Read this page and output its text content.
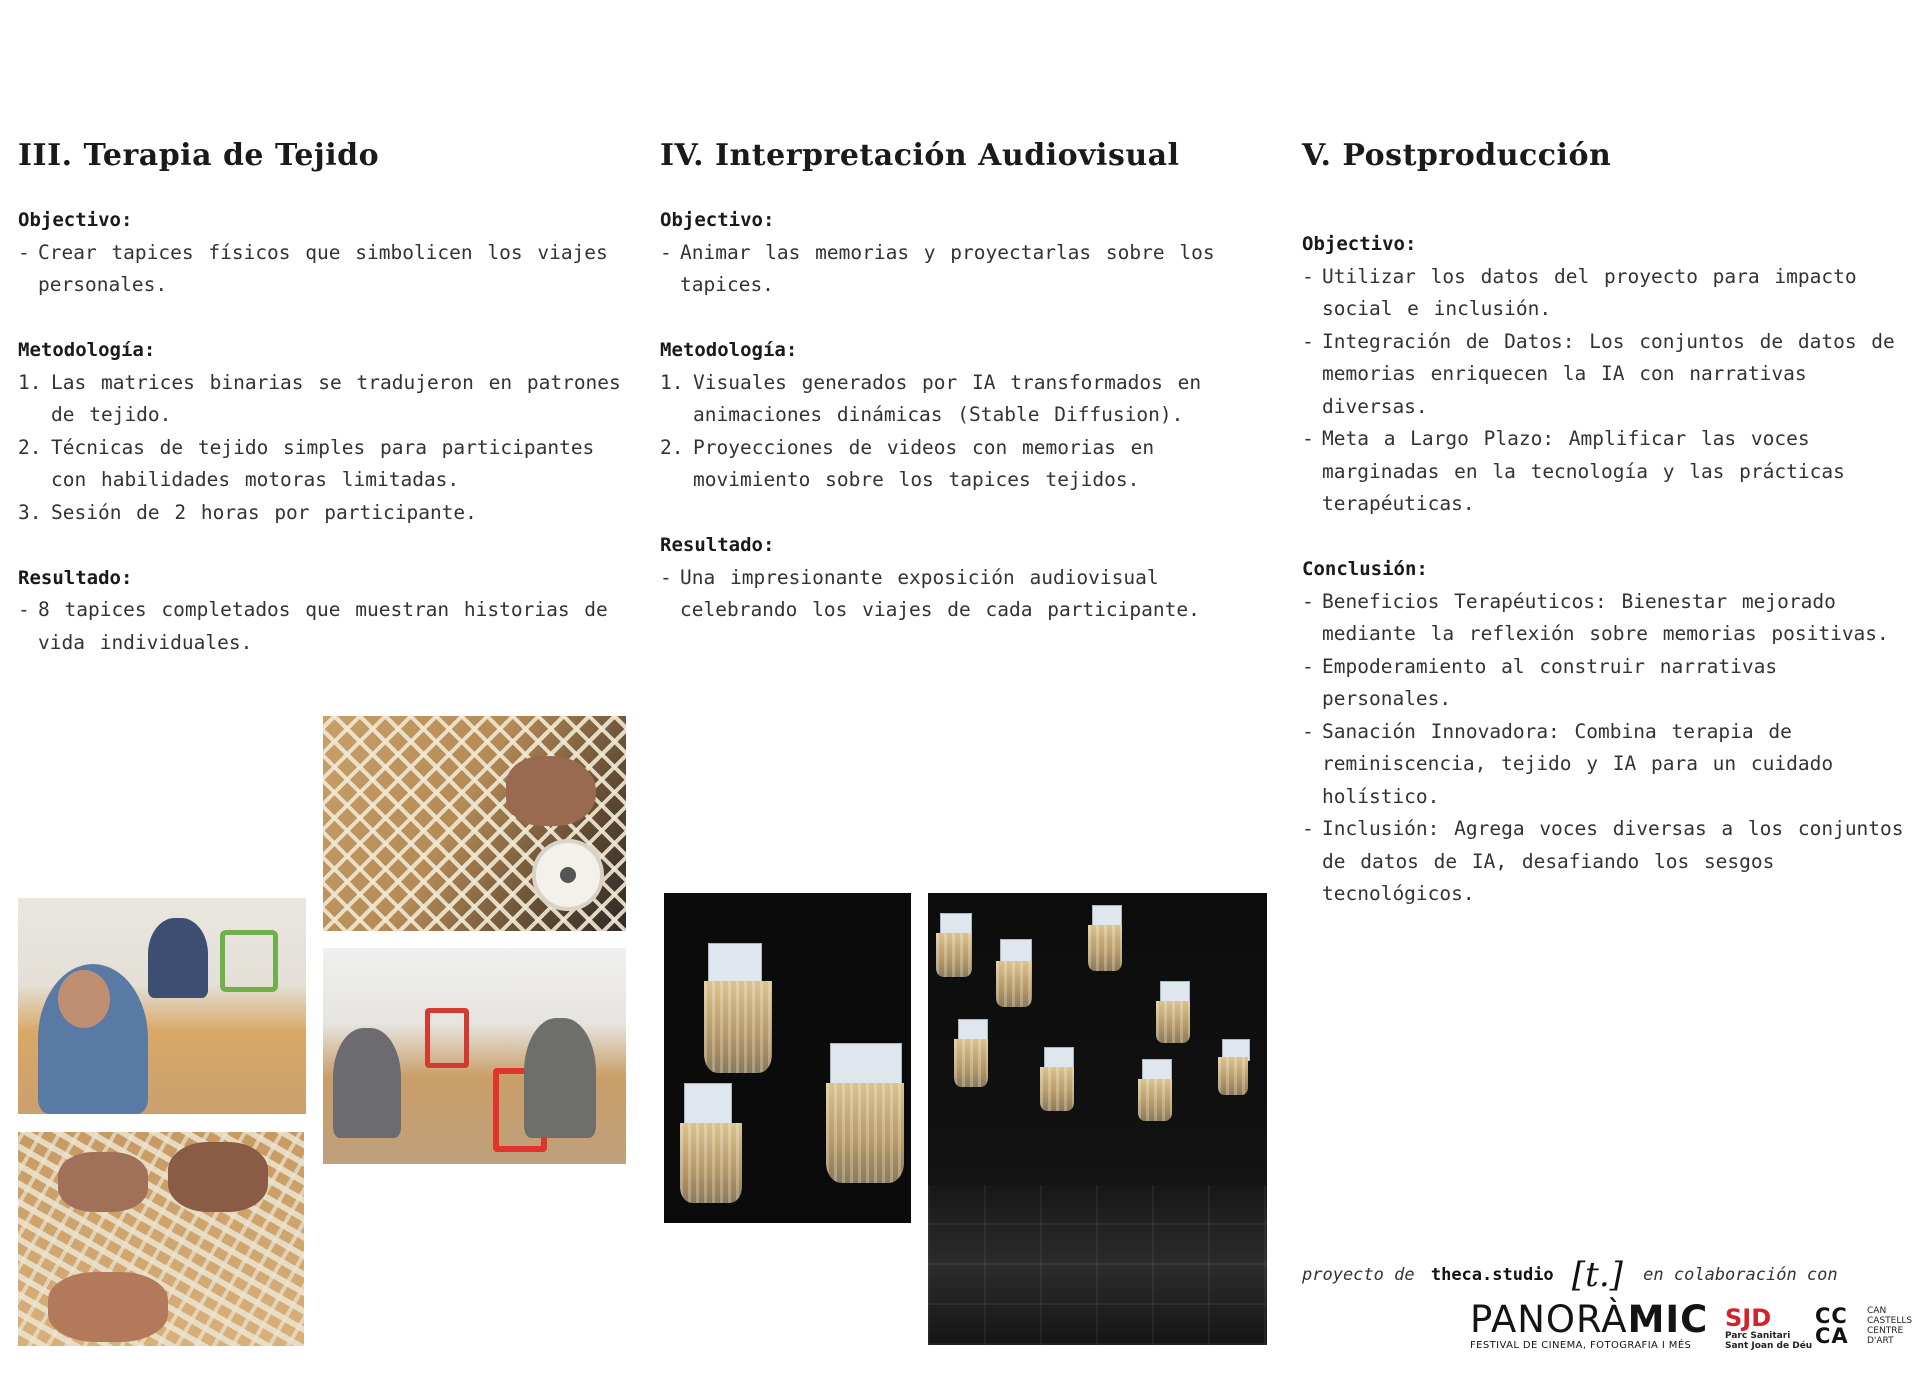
III. Terapia de Tejido
Objectivo:
- Crear tapices físicos que simbolicen los viajes personales.
Metodología:
1. Las matrices binarias se tradujeron en patrones de tejido.
2. Técnicas de tejido simples para participantes con habilidades motoras limitadas.
3. Sesión de 2 horas por participante.
Resultado:
- 8 tapices completados que muestran historias de vida individuales.
IV. Interpretación Audiovisual
Objectivo:
- Animar las memorias y proyectarlas sobre los tapices.
Metodología:
1. Visuales generados por IA transformados en animaciones dinámicas (Stable Diffusion).
2. Proyecciones de videos con memorias en movimiento sobre los tapices tejidos.
Resultado:
- Una impresionante exposición audiovisual celebrando los viajes de cada participante.
V. Postproducción
Objectivo:
- Utilizar los datos del proyecto para impacto social e inclusión.
- Integración de Datos: Los conjuntos de datos de memorias enriquecen la IA con narrativas diversas.
- Meta a Largo Plazo: Amplificar las voces marginadas en la tecnología y las prácticas terapéuticas.
Conclusión:
- Beneficios Terapéuticos: Bienestar mejorado mediante la reflexión sobre memorias positivas.
- Empoderamiento al construir narrativas personales.
- Sanación Innovadora: Combina terapia de reminiscencia, tejido y IA para un cuidado holístico.
- Inclusión: Agrega voces diversas a los conjuntos de datos de IA, desafiando los sesgos tecnológicos.
proyecto de theca.studio [t.] en colaboración con
PANORÀMIC
FESTIVAL DE CINEMA, FOTOGRAFIA I MÉS
SJD
Parc Sanitari
Sant Joan de Déu
CC
CA
CAN
CASTELLS
CENTRE
D'ART
